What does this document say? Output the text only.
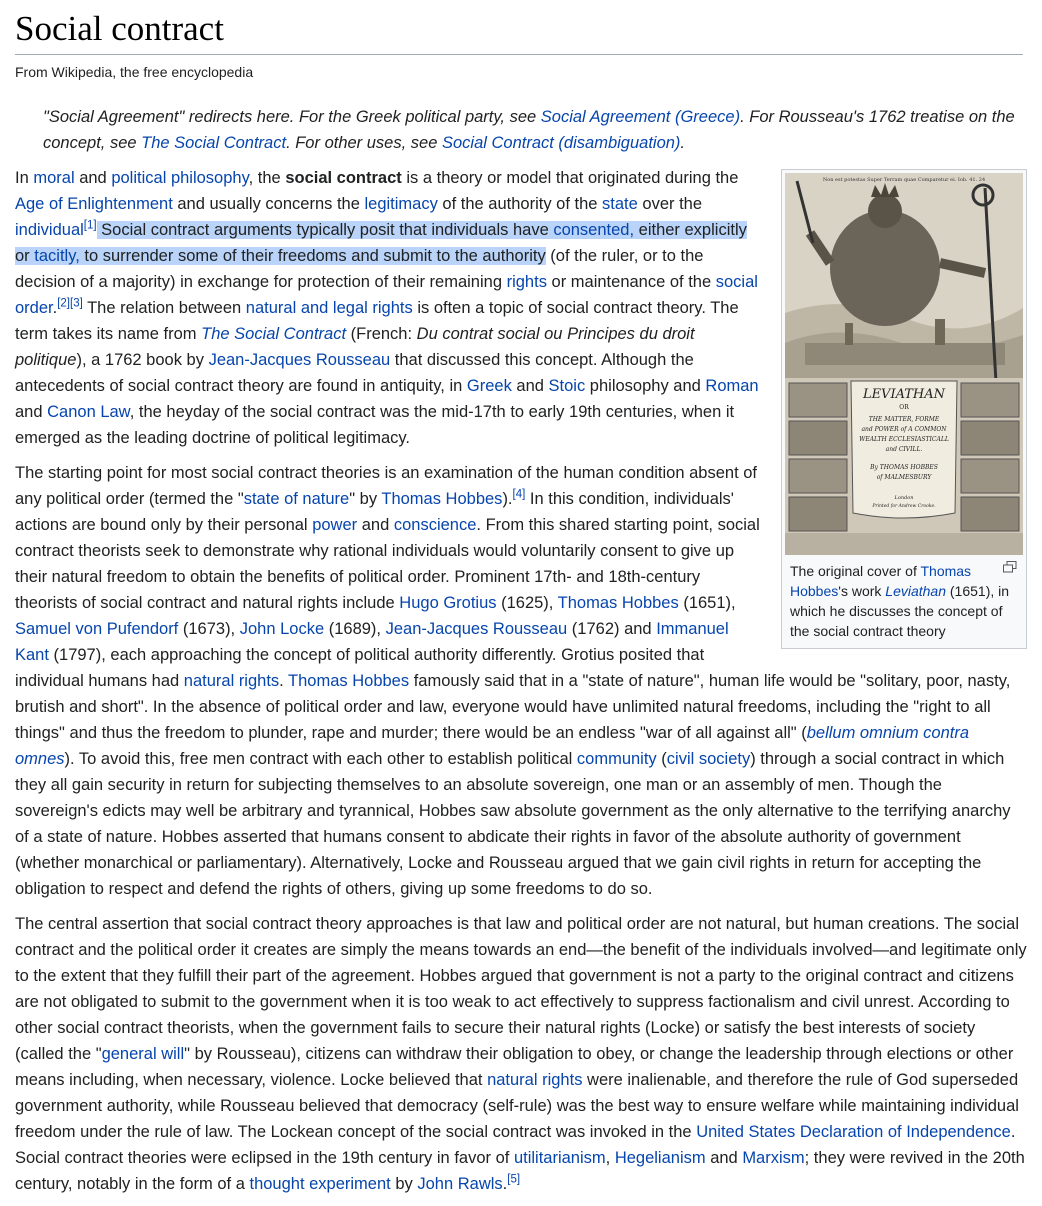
Social contract
From Wikipedia, the free encyclopedia
"Social Agreement" redirects here. For the Greek political party, see Social Agreement (Greece). For Rousseau's 1762 treatise on the concept, see The Social Contract. For other uses, see Social Contract (disambiguation).
Non est potestas Super Terram quae Comparetur ei. Iob. 41. 24
LEVIATHAN
OR
THE MATTER, FORME
and POWER of A COMMON
WEALTH ECCLESIASTICALL
and CIVILL.
By THOMAS HOBBES
of MALMESBURY
London
Printed for Andrew Crooke.
The original cover of Thomas Hobbes's work Leviathan (1651), in which he discusses the concept of the social contract theory

In moral and political philosophy, the social contract is a theory or model that originated during the Age of Enlightenment and usually concerns the legitimacy of the authority of the state over the individual[1] Social contract arguments typically posit that individuals have consented, either explicitly or tacitly, to surrender some of their freedoms and submit to the authority (of the ruler, or to the decision of a majority) in exchange for protection of their remaining rights or maintenance of the social order.[2][3] The relation between natural and legal rights is often a topic of social contract theory. The term takes its name from The Social Contract (French: Du contrat social ou Principes du droit politique), a 1762 book by Jean-Jacques Rousseau that discussed this concept. Although the antecedents of social contract theory are found in antiquity, in Greek and Stoic philosophy and Roman and Canon Law, the heyday of the social contract was the mid-17th to early 19th centuries, when it emerged as the leading doctrine of political legitimacy.

The starting point for most social contract theories is an examination of the human condition absent of any political order (termed the "state of nature" by Thomas Hobbes).[4] In this condition, individuals' actions are bound only by their personal power and conscience. From this shared starting point, social contract theorists seek to demonstrate why rational individuals would voluntarily consent to give up their natural freedom to obtain the benefits of political order. Prominent 17th- and 18th-century theorists of social contract and natural rights include Hugo Grotius (1625), Thomas Hobbes (1651), Samuel von Pufendorf (1673), John Locke (1689), Jean-Jacques Rousseau (1762) and Immanuel Kant (1797), each approaching the concept of political authority differently. Grotius posited that individual humans had natural rights. Thomas Hobbes famously said that in a "state of nature", human life would be "solitary, poor, nasty, brutish and short". In the absence of political order and law, everyone would have unlimited natural freedoms, including the "right to all things" and thus the freedom to plunder, rape and murder; there would be an endless "war of all against all" (bellum omnium contra omnes). To avoid this, free men contract with each other to establish political community (civil society) through a social contract in which they all gain security in return for subjecting themselves to an absolute sovereign, one man or an assembly of men. Though the sovereign's edicts may well be arbitrary and tyrannical, Hobbes saw absolute government as the only alternative to the terrifying anarchy of a state of nature. Hobbes asserted that humans consent to abdicate their rights in favor of the absolute authority of government (whether monarchical or parliamentary). Alternatively, Locke and Rousseau argued that we gain civil rights in return for accepting the obligation to respect and defend the rights of others, giving up some freedoms to do so.

The central assertion that social contract theory approaches is that law and political order are not natural, but human creations. The social contract and the political order it creates are simply the means towards an end—the benefit of the individuals involved—and legitimate only to the extent that they fulfill their part of the agreement. Hobbes argued that government is not a party to the original contract and citizens are not obligated to submit to the government when it is too weak to act effectively to suppress factionalism and civil unrest. According to other social contract theorists, when the government fails to secure their natural rights (Locke) or satisfy the best interests of society (called the "general will" by Rousseau), citizens can withdraw their obligation to obey, or change the leadership through elections or other means including, when necessary, violence. Locke believed that natural rights were inalienable, and therefore the rule of God superseded government authority, while Rousseau believed that democracy (self-rule) was the best way to ensure welfare while maintaining individual freedom under the rule of law. The Lockean concept of the social contract was invoked in the United States Declaration of Independence. Social contract theories were eclipsed in the 19th century in favor of utilitarianism, Hegelianism and Marxism; they were revived in the 20th century, notably in the form of a thought experiment by John Rawls.[5]
